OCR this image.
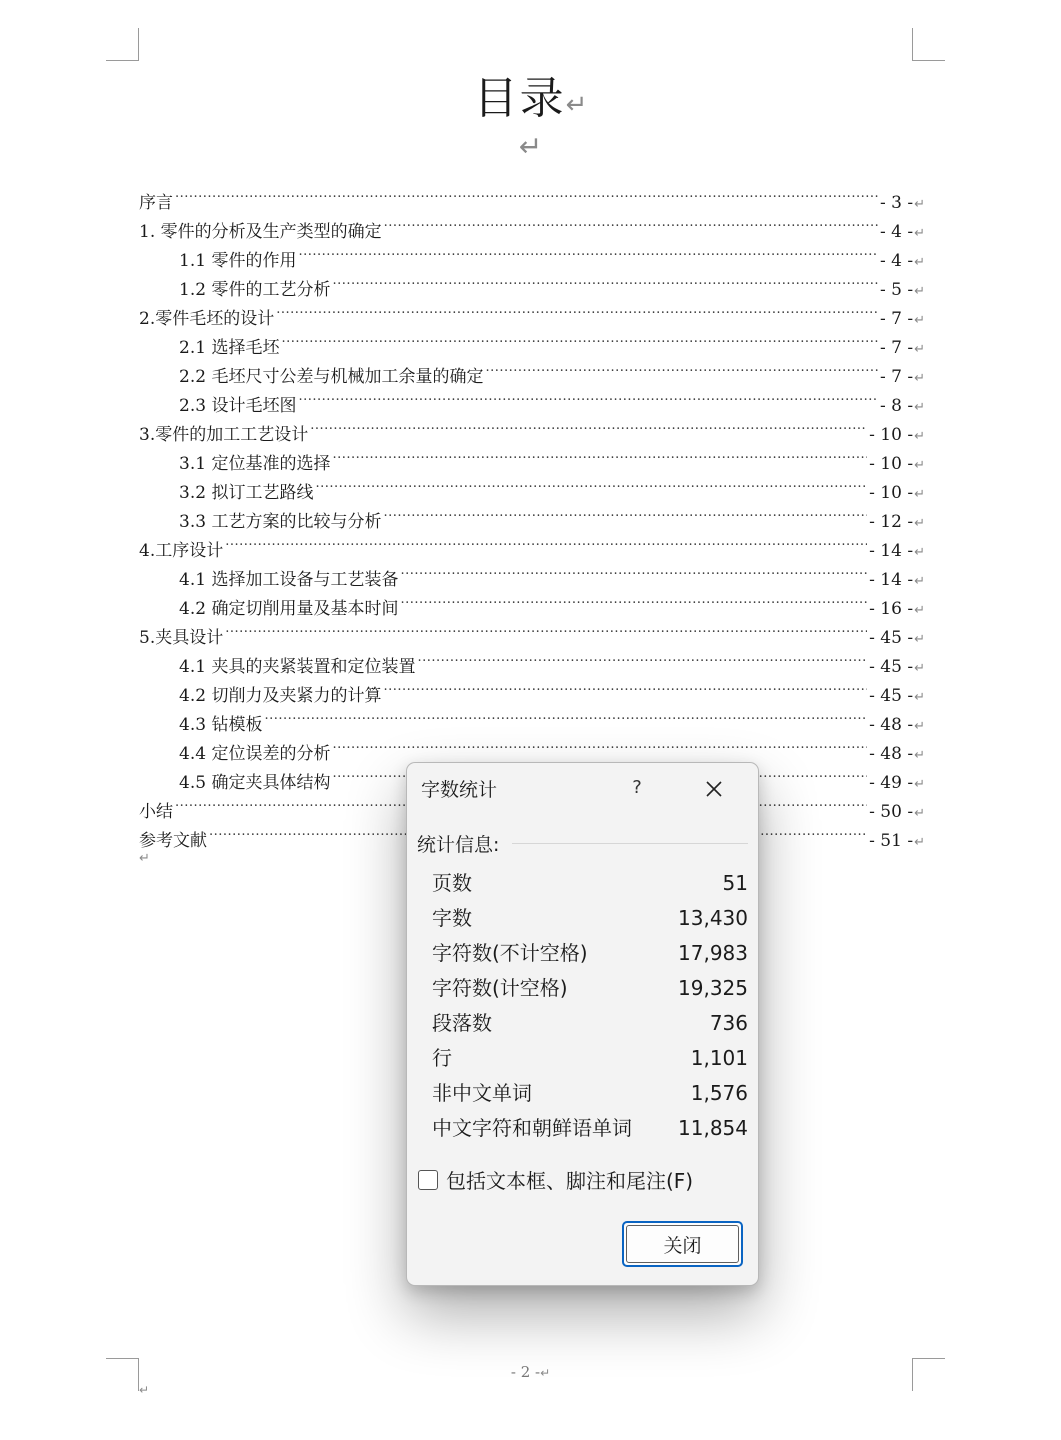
目录↵
↵
序言 .....	- 3 - ↵
1. 零件的分析及生产类型的确定 .....	- 4 - ↵
1.1 零件的作用 .....	- 4 - ↵
1.2 零件的工艺分析 .....	- 5 - ↵
2.零件毛坯的设计 .....	- 7 - ↵
2.1 选择毛坯 .....	- 7 - ↵
2.2 毛坯尺寸公差与机械加工余量的确定 .....	- 7 - ↵
2.3 设计毛坯图 .....	- 8 - ↵
3.零件的加工工艺设计 .....	- 10 - ↵
3.1 定位基准的选择 .....	- 10 - ↵
3.2 拟订工艺路线 .....	- 10 - ↵
3.3 工艺方案的比较与分析 .....	- 12 - ↵
4.工序设计 .....	- 14 - ↵
4.1 选择加工设备与工艺装备 .....	- 14 - ↵
4.2 确定切削用量及基本时间 .....	- 16 - ↵
5.夹具设计 .....	- 45 - ↵
4.1 夹具的夹紧装置和定位装置 .....	- 45 - ↵
4.2 切削力及夹紧力的计算 .....	- 45 - ↵
4.3 钻模板 .....	- 48 - ↵
4.4 定位误差的分析 .....	- 48 - ↵
4.5 确定夹具体结构 .....	- 49 - ↵
小结 .....	- 50 - ↵
参考文献 .....	- 51 - ↵
↵
- 2 -↵
↵
字数统计	?
统计信息:
页数	51
字数	13,430
字符数(不计空格)	17,983
字符数(计空格)	19,325
段落数	736
行	1,101
非中文单词	1,576
中文字符和朝鲜语单词 11,854
包括文本框、脚注和尾注(F)
关闭
